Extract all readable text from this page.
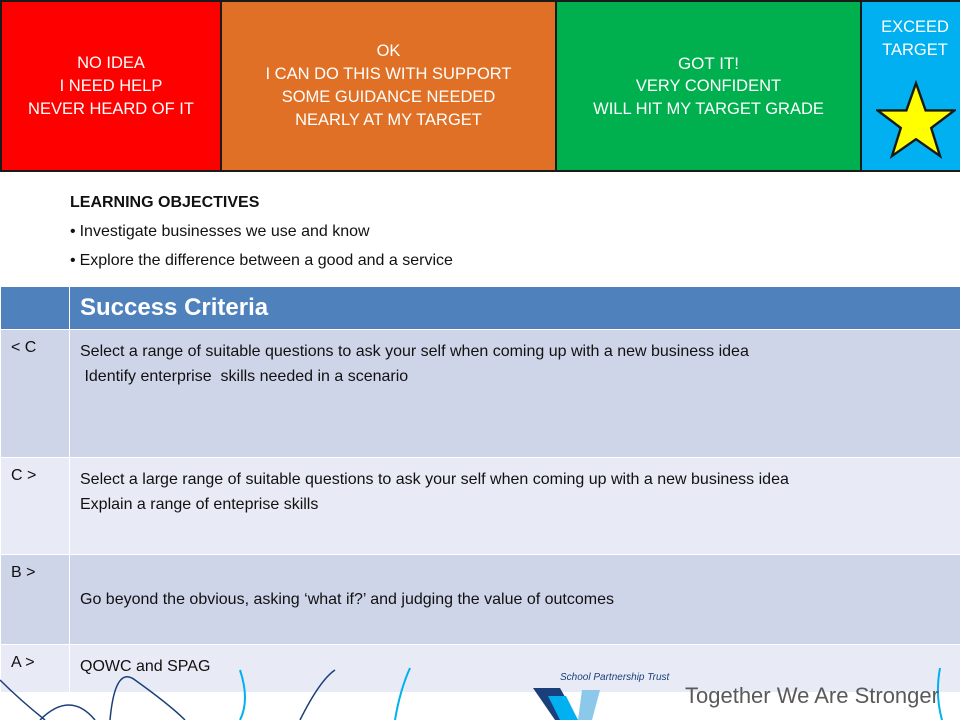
NO IDEA
I NEED HELP
NEVER HEARD OF IT
OK
I CAN DO THIS WITH SUPPORT
SOME GUIDANCE NEEDED
NEARLY AT MY TARGET
GOT IT!
VERY CONFIDENT
WILL HIT MY TARGET GRADE
EXCEED
TARGET
LEARNING OBJECTIVES
• Investigate businesses we use and know
• Explore the difference between a good and a service
	Success Criteria
< C	Select a range of suitable questions to ask your self when coming up with a new business idea
Identify enterprise  skills needed in a scenario

C >	Select a large range of suitable questions to ask your self when coming up with a new business idea
Explain a range of enteprise skills

B >	Go beyond the obvious, asking ‘what if?’ and judging the value of outcomes

A >	QOWC and SPAG
School Partnership Trust
Together We Are Stronger
